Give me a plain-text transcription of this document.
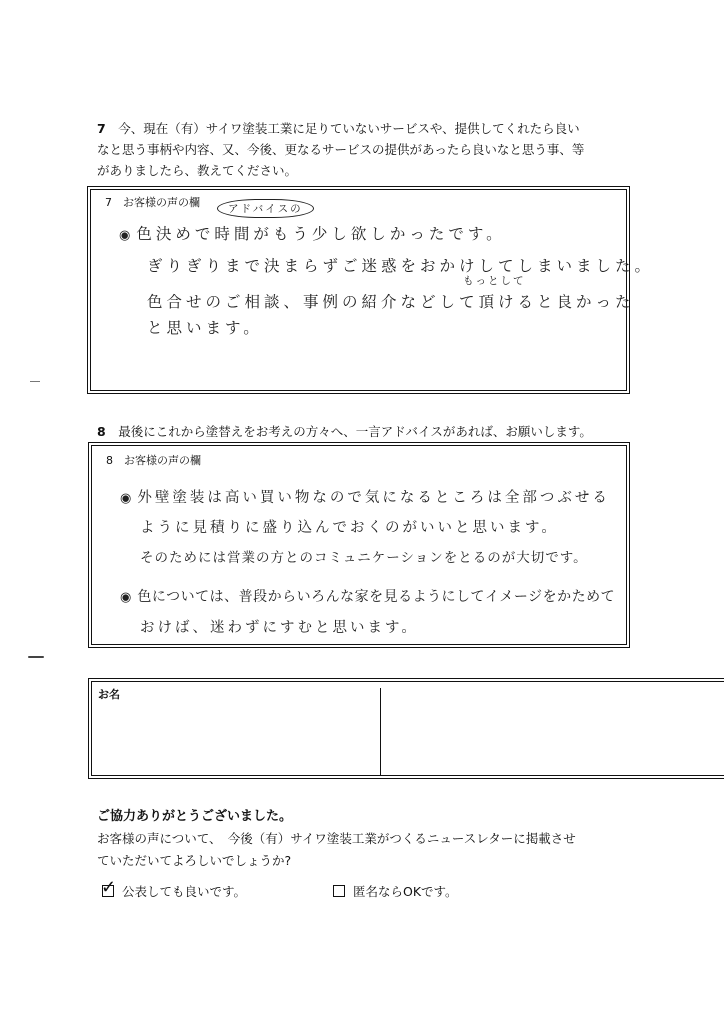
7　 今、現在（有）サイワ塗装工業に足りていないサービスや、提供してくれたら良い
なと思う事柄や内容、又、今後、更なるサービスの提供があったら良いなと思う事、等
がありましたら、教えてください。
7　お客様の声の欄	アドバイスの
◉ 色決めで時間がもう少し欲しかったです。
ぎりぎりまで決まらずご迷惑をおかけしてしまいました。
もっとして
色合せのご相談、事例の紹介などして頂けると良かった
と思います。
8　 最後にこれから塗替えをお考えの方々へ、一言アドバイスがあれば、お願いします。
8　お客様の声の欄
◉ 外壁塗装は高い買い物なので気になるところは全部つぶせる
ように見積りに盛り込んでおくのがいいと思います。
そのためには営業の方とのコミュニケーションをとるのが大切です。
◉ 色については、普段からいろんな家を見るようにしてイメージをかためて
おけば、迷わずにすむと思います。
お名
ご協力ありがとうございました。
お客様の声について、　今後（有）サイワ塗装工業がつくるニュースレターに掲載させ
ていただいてよろしいでしょうか?
✓ 公表しても良いです。	匿名ならOKです。
